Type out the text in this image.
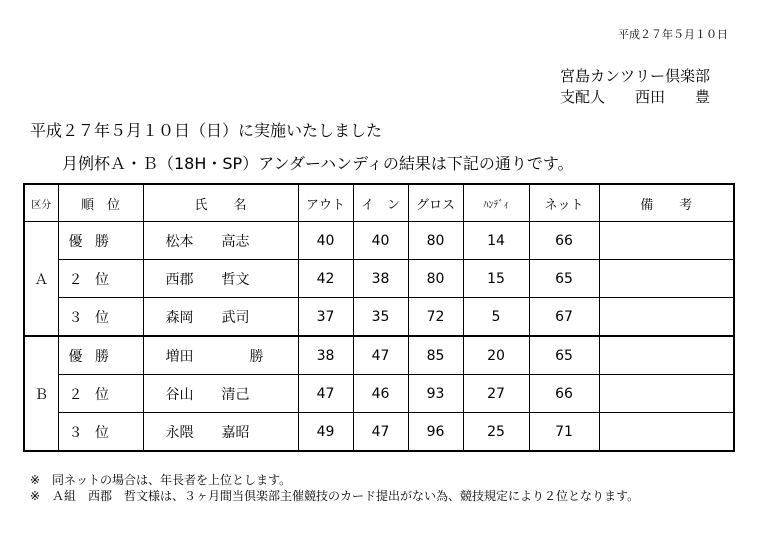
平成２７年５月１０日
宮島カンツリー倶楽部
支配人　　西田　　豊
平成２７年５月１０日（日）に実施いたしました
月例杯Ａ・Ｂ（18H・SP）アンダーハンディの結果は下記の通りです。
区分	順　位	氏　　名	アウト	イ　ン	グロス	ﾊﾝﾃﾞｨ	ネット	備　　考
Ａ	優 勝	松本　　高志	40	40	80	14	66	
	２ 位	西郡　　哲文	42	38	80	15	65	
	３ 位	森岡　　武司	37	35	72	5	67	
Ｂ	優 勝	増田　　　　勝	38	47	85	20	65	
	２ 位	谷山　　清己	47	46	93	27	66	
	３ 位	永隈　　嘉昭	49	47	96	25	71	
※　同ネットの場合は、年長者を上位とします。
※　Ａ組　西郡　哲文様は、３ヶ月間当倶楽部主催競技のカード提出がない為、競技規定により２位となります。
